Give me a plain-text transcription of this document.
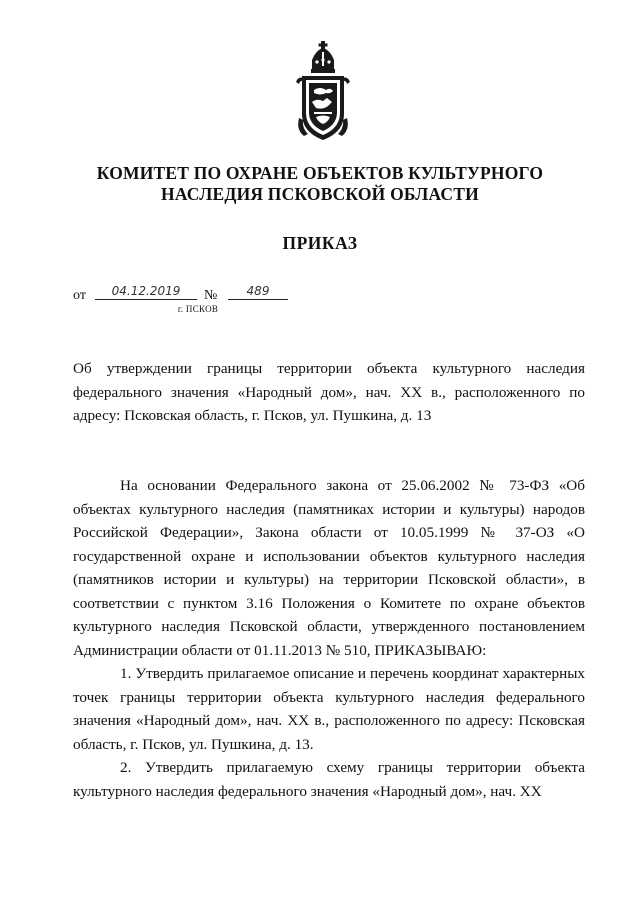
КОМИТЕТ ПО ОХРАНЕ ОБЪЕКТОВ КУЛЬТУРНОГО
НАСЛЕДИЯ ПСКОВСКОЙ ОБЛАСТИ
ПРИКАЗ
от	04.12.2019	№	489
г. ПСКОВ
Об утверждении границы территории объекта культурного наследия федерального значения «Народный дом», нач. XX в., расположенного по адресу: Псковская область, г. Псков, ул. Пушкина, д. 13

На основании Федерального закона от 25.06.2002 № 73-ФЗ «Об объектах культурного наследия (памятниках истории и культуры) народов Российской Федерации», Закона области от 10.05.1999 № 37-ОЗ «О государственной охране и использовании объектов культурного наследия (памятников истории и культуры) на территории Псковской области», в соответствии с пунктом 3.16 Положения о Комитете по охране объектов культурного наследия Псковской области, утвержденного постановлением Администрации области от 01.11.2013 № 510, ПРИКАЗЫВАЮ:

1. Утвердить прилагаемое описание и перечень координат характерных точек границы территории объекта культурного наследия федерального значения «Народный дом», нач. XX в., расположенного по адресу: Псковская область, г. Псков, ул. Пушкина, д. 13.

2. Утвердить прилагаемую схему границы территории объекта культурного наследия федерального значения «Народный дом», нач. XX
